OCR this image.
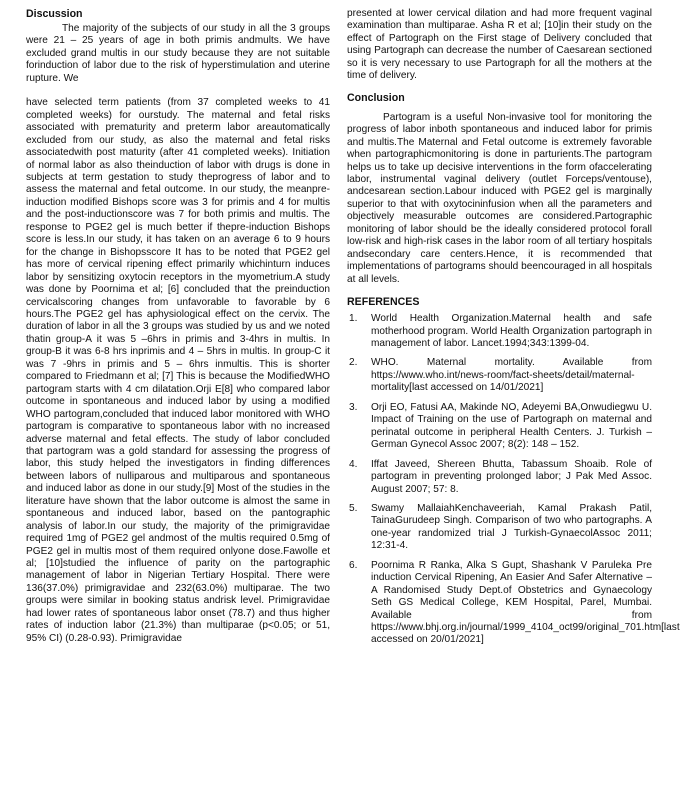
Discussion

The majority of the subjects of our study in all the 3 groups were 21 – 25 years of age in both primis andmults. We have excluded grand multis in our study because they are not suitable forinduction of labor due to the risk of hyperstimulation and uterine rupture. We

have selected term patients (from 37 completed weeks to 41 completed weeks) for ourstudy. The maternal and fetal risks associated with prematurity and preterm labor areautomatically excluded from our study, as also the maternal and fetal risks associatedwith post maturity (after 41 completed weeks). Initiation of normal labor as also theinduction of labor with drugs is done in subjects at term gestation to study theprogress of labor and to assess the maternal and fetal outcome. In our study, the meanpre-induction modified Bishops score was 3 for primis and 4 for multis and the post-inductionscore was 7 for both primis and multis. The response to PGE2 gel is much better if thepre-induction Bishops score is less.In our study, it has taken on an average 6 to 9 hours for the change in Bishopsscore It has to be noted that PGE2 gel has more of cervical ripening effect primarily whichinturn induces labor by sensitizing oxytocin receptors in the myometrium.A study was done by Poornima et al; [6] concluded that the preinduction cervicalscoring changes from unfavorable to favorable by 6 hours.The PGE2 gel has aphysiological effect on the cervix. The duration of labor in all the 3 groups was studied by us and we noted thatin group-A it was 5 –6hrs in primis and 3-4hrs in multis. In group-B it was 6-8 hrs inprimis and 4 – 5hrs in multis. In group-C it was 7 -9hrs in primis and 5 – 6hrs inmultis. This is shorter compared to Friedmann et al; [7] This is because the ModifiedWHO partogram starts with 4 cm dilatation.Orji E[8] who compared labor outcome in spontaneous and induced labor by using a modified WHO partogram,concluded that induced labor monitored with WHO partogram is comparative to spontaneous labor with no increased adverse maternal and fetal effects. The study of labor concluded that partogram was a gold standard for assessing the progress of labor, this study helped the investigators in finding differences between labors of nulliparous and multiparous and spontaneous and induced labor as done in our study.[9] Most of the studies in the literature have shown that the labor outcome is almost the same in spontaneous and induced labor, based on the pantographic analysis of labor.In our study, the majority of the primigravidae required 1mg of PGE2 gel andmost of the multis required 0.5mg of PGE2 gel in multis most of them required onlyone dose.Fawolle et al; [10]studied the influence of parity on the partographic management of labor in Nigerian Tertiary Hospital. There were 136(37.0%) primigravidae and 232(63.0%) multiparae. The two groups were similar in booking status andrisk level. Primigravidae had lower rates of spontaneous labor onset (78.7) and thus higher rates of induction labor (21.3%) than multiparae (p<0.05; or 51, 95% CI) (0.28-0.93). Primigravidae

presented at lower cervical dilation and had more frequent vaginal examination than multiparae. Asha R et al; [10]in their study on the effect of Partograph on the First stage of Delivery concluded that using Partograph can decrease the number of Caesarean sectioned so it is very necessary to use Partograph for all the mothers at the time of delivery.

Conclusion

Partogram is a useful Non-invasive tool for monitoring the progress of labor inboth spontaneous and induced labor for primis and multis.The Maternal and Fetal outcome is extremely favorable when partographicmonitoring is done in parturients.The partogram helps us to take up decisive interventions in the form ofaccelerating labor, instrumental vaginal delivery (outlet Forceps/ventouse), andcesarean section.Labour induced with PGE2 gel is marginally superior to that with oxytocininfusion when all the parameters and objectively measurable outcomes are considered.Partographic monitoring of labor should be the ideally considered protocol forall low-risk and high-risk cases in the labor room of all tertiary hospitals andsecondary care centers.Hence, it is recommended that implementations of partograms should beencouraged in all hospitals at all levels.

REFERENCES
1. World Health Organization.Maternal health and safe motherhood program. World Health Organization partograph in management of labor. Lancet.1994;343:1399-04.
2. WHO. Maternal mortality. Available from https://www.who.int/news-room/fact-sheets/detail/maternal-mortality[last accessed on 14/01/2021]
3. Orji EO, Fatusi AA, Makinde NO, Adeyemi BA,Onwudiegwu U. Impact of Training on the use of Partograph on maternal and perinatal outcome in peripheral Health Centers. J. Turkish – German Gynecol Assoc 2007; 8(2): 148 – 152.
4. Iffat Javeed, Shereen Bhutta, Tabassum Shoaib. Role of partogram in preventing prolonged labor; J Pak Med Assoc. August 2007; 57: 8.
5. Swamy MallaiahKenchaveeriah, Kamal Prakash Patil, TainaGurudeep Singh. Comparison of two who partographs. A one-year randomized trial J Turkish-GynaecolAssoc 2011; 12:31-4.
6. Poornima R Ranka, Alka S Gupt, Shashank V Paruleka Pre induction Cervical Ripening, An Easier And Safer Alternative – A Randomised Study Dept.of Obstetrics and Gynaecology Seth GS Medical College, KEM Hospital, Parel, Mumbai. Available from https://www.bhj.org.in/journal/1999_4104_oct99/original_701.htm[last accessed on 20/01/2021]
